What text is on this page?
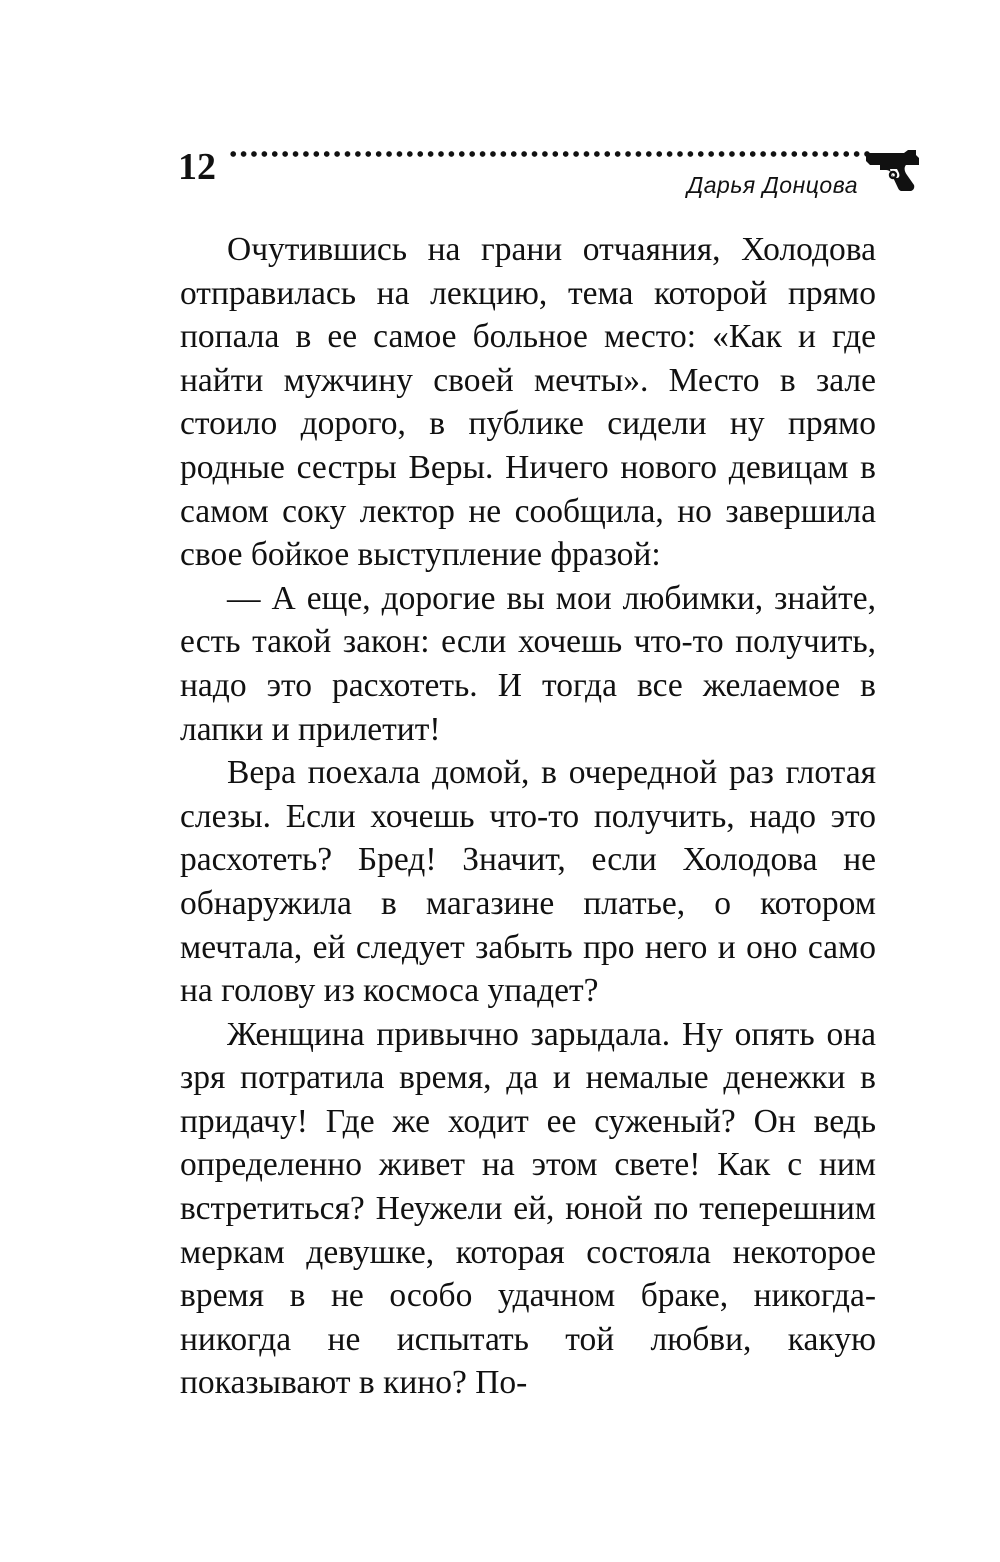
12	Дарья Донцова

Очутившись на грани отчаяния, Холодова отправилась на лекцию, тема которой прямо попала в ее самое больное место: «Как и где найти мужчину своей мечты». Место в зале стоило дорого, в публике сидели ну прямо родные сестры Веры. Ничего нового девицам в самом соку лектор не сообщила, но завершила свое бойкое выступление фразой:

— А еще, дорогие вы мои любимки, знайте, есть такой закон: если хочешь что-то получить, надо это расхотеть. И тогда все желаемое в лапки и прилетит!

Вера поехала домой, в очередной раз глотая слезы. Если хочешь что-то получить, надо это расхотеть? Бред! Значит, если Холодова не обнаружила в магазине платье, о котором мечтала, ей следует забыть про него и оно само на голову из космоса упадет?

Женщина привычно зарыдала. Ну опять она зря потратила время, да и немалые денежки в придачу! Где же ходит ее суженый? Он ведь определенно живет на этом свете! Как с ним встретиться? Неужели ей, юной по теперешним меркам девушке, которая состояла некоторое время в не особо удачном браке, никогда-никогда не испытать той любви, какую показывают в кино? По-
